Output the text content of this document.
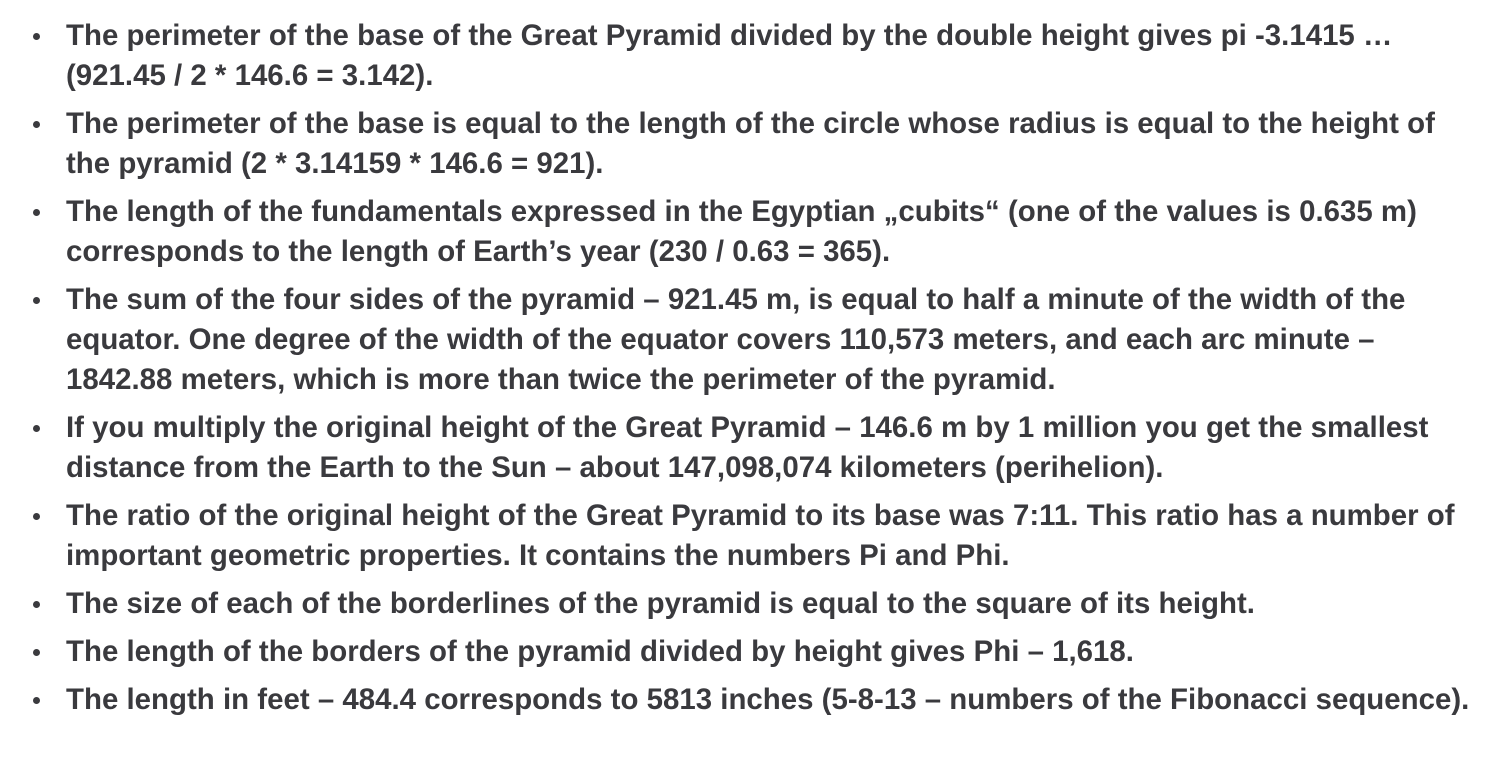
The perimeter of the base of the Great Pyramid divided by the double height gives pi -3.1415 … (921.45 / 2 * 146.6 = 3.142).
The perimeter of the base is equal to the length of the circle whose radius is equal to the height of the pyramid (2 * 3.14159 * 146.6 = 921).
The length of the fundamentals expressed in the Egyptian „cubits“ (one of the values is 0.635 m) corresponds to the length of Earth’s year (230 / 0.63 = 365).
The sum of the four sides of the pyramid – 921.45 m, is equal to half a minute of the width of the equator. One degree of the width of the equator covers 110,573 meters, and each arc minute – 1842.88 meters, which is more than twice the perimeter of the pyramid.
If you multiply the original height of the Great Pyramid – 146.6 m by 1 million you get the smallest distance from the Earth to the Sun – about 147,098,074 kilometers (perihelion).
The ratio of the original height of the Great Pyramid to its base was 7:11. This ratio has a number of important geometric properties. It contains the numbers Pi and Phi.
The size of each of the borderlines of the pyramid is equal to the square of its height.
The length of the borders of the pyramid divided by height gives Phi – 1,618.
The length in feet – 484.4 corresponds to 5813 inches (5-8-13 – numbers of the Fibonacci sequence).
